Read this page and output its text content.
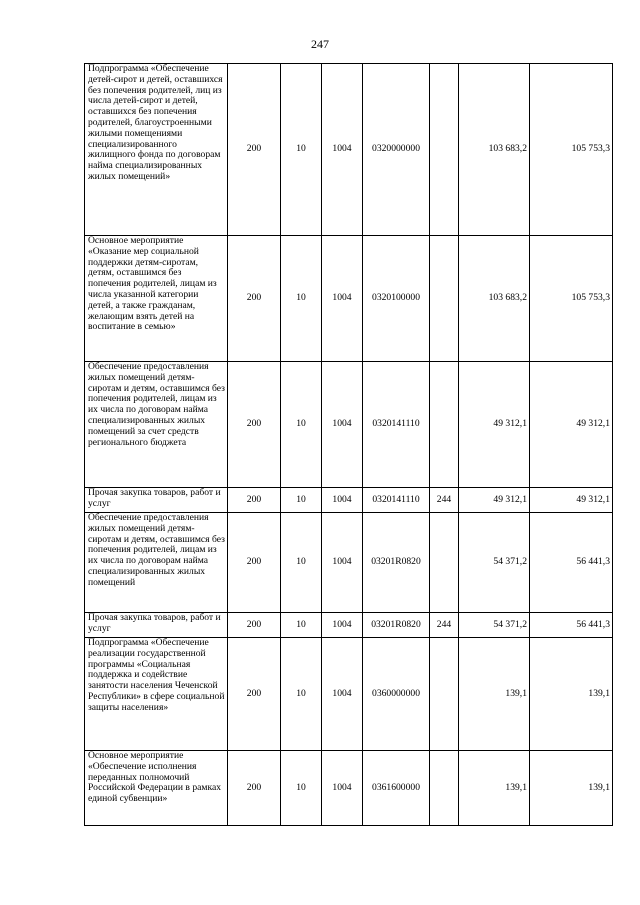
247
Подпрограмма «Обеспечение детей-сирот и детей, оставшихся без попечения родителей, лиц из числа детей-сирот и детей, оставшихся без попечения родителей, благоустроенными жилыми помещениями специализированного жилищного фонда по договорам найма специализированных жилых помещений»	200	10	1004	0320000000		103 683,2	105 753,3
Основное мероприятие «Оказание мер социальной поддержки детям-сиротам, детям, оставшимся без попечения родителей, лицам из числа указанной категории детей, а также гражданам, желающим взять детей на воспитание в семью»	200	10	1004	0320100000		103 683,2	105 753,3
Обеспечение предоставления жилых помещений детям-сиротам и детям, оставшимся без попечения родителей, лицам из их числа по договорам найма специализированных жилых помещений за счет средств регионального бюджета	200	10	1004	0320141110		49 312,1	49 312,1
Прочая закупка товаров, работ и услуг	200	10	1004	0320141110	244	49 312,1	49 312,1
Обеспечение предоставления жилых помещений детям-сиротам и детям, оставшимся без попечения родителей, лицам из их числа по договорам найма специализированных жилых помещений	200	10	1004	03201R0820		54 371,2	56 441,3
Прочая закупка товаров, работ и услуг	200	10	1004	03201R0820	244	54 371,2	56 441,3
Подпрограмма «Обеспечение реализации государственной программы «Социальная поддержка и содействие занятости населения Чеченской Республики» в сфере социальной защиты населения»	200	10	1004	0360000000		139,1	139,1
Основное мероприятие «Обеспечение исполнения переданных полномочий Российской Федерации в рамках единой субвенции»	200	10	1004	0361600000		139,1	139,1
